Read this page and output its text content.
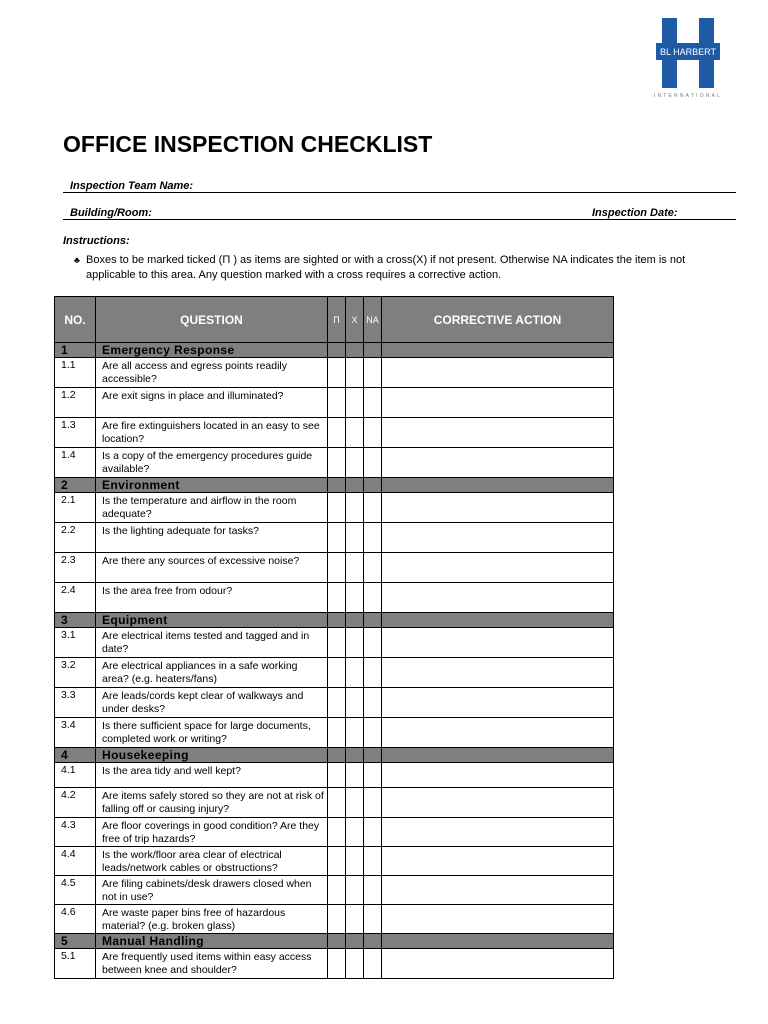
BL HARBERT
INTERNATIONAL
OFFICE INSPECTION CHECKLIST
Inspection Team Name:
Building/Room:	Inspection Date:
Instructions:
♣ Boxes to be marked ticked (Π ) as items are sighted or with a cross(X) if not present. Otherwise NA indicates the item is not applicable to this area. Any question marked with a cross requires a corrective action.
NO.	QUESTION	Π	X	NA	CORRECTIVE ACTION
1	Emergency Response				
1.1	Are all access and egress points readily accessible?				
1.2	Are exit signs in place and illuminated?				
1.3	Are fire extinguishers located in an easy to see location?				
1.4	Is a copy of the emergency procedures guide available?				
2	Environment				
2.1	Is the temperature and airflow in the room adequate?				
2.2	Is the lighting adequate for tasks?				
2.3	Are there any sources of excessive noise?				
2.4	Is the area free from odour?				
3	Equipment				
3.1	Are electrical items tested and tagged and in date?				
3.2	Are electrical appliances in a safe working area? (e.g. heaters/fans)				
3.3	Are leads/cords kept clear of walkways and under desks?				
3.4	Is there sufficient space for large documents, completed work or writing?				
4	Housekeeping				
4.1	Is the area tidy and well kept?				
4.2	Are items safely stored so they are not at risk of falling off or causing injury?				
4.3	Are floor coverings in good condition? Are they free of trip hazards?				
4.4	Is the work/floor area clear of electrical leads/network cables or obstructions?				
4.5	Are filing cabinets/desk drawers closed when not in use?				
4.6	Are waste paper bins free of hazardous material? (e.g. broken glass)				
5	Manual Handling				
5.1	Are frequently used items within easy access between knee and shoulder?				
